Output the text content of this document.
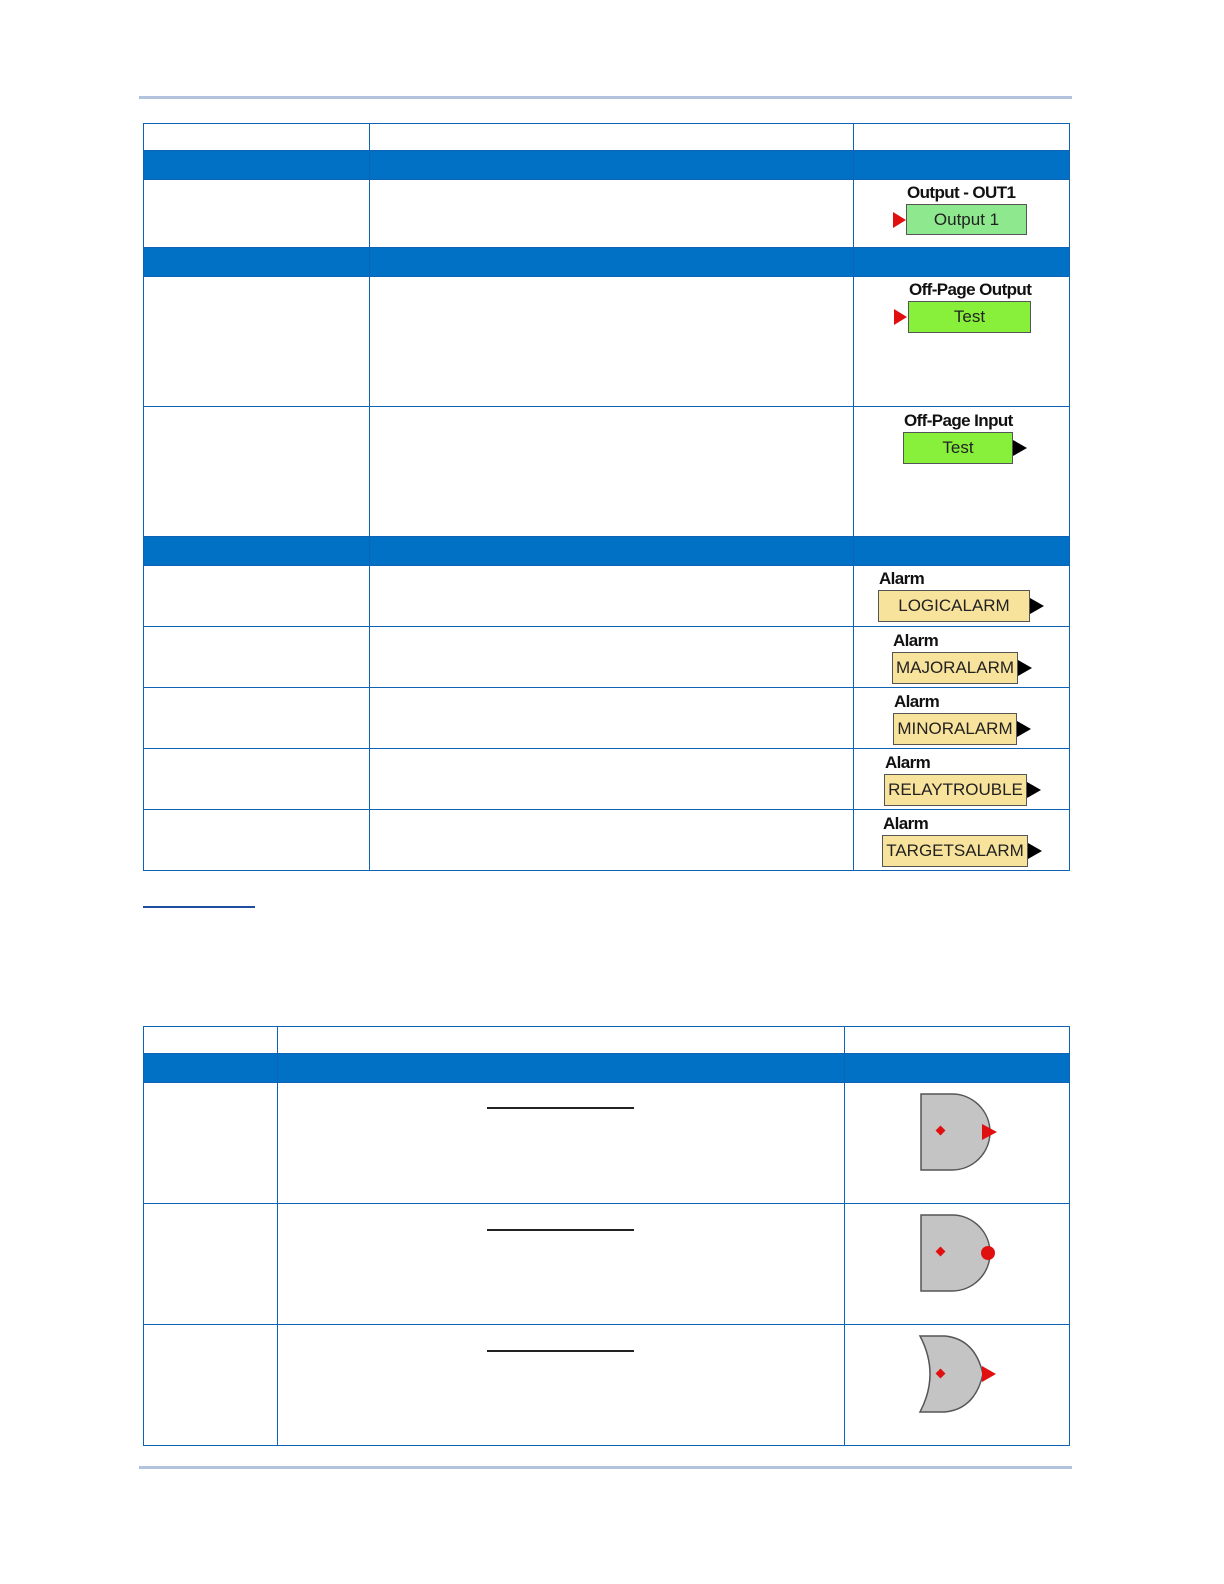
		Output - OUT1
Output 1

		Off-Page Output
Test

		Off-Page Input
Test

		Alarm
LOGICALARM

		Alarm
MAJORALARM

		Alarm
MINORALARM

		Alarm
RELAYTROUBLE

		Alarm
TARGETSALARM
